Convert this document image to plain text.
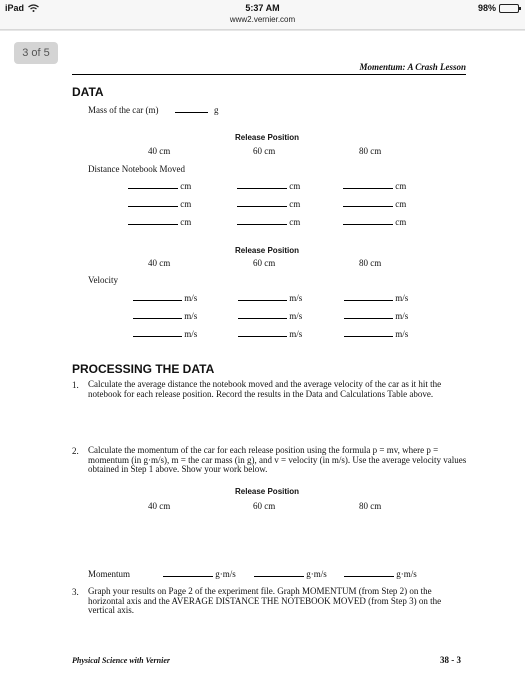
iPad	5:37 AM
www2.vernier.com
98%
3 of 5
Momentum: A Crash Lesson
DATA
Mass of the car (m)	g
Release Position
40 cm	60 cm	80 cm
Distance Notebook Moved
cm	cm	cm
cm	cm	cm
cm	cm	cm
Release Position
40 cm	60 cm	80 cm
Velocity
m/s	m/s	m/s
m/s	m/s	m/s
m/s	m/s	m/s
PROCESSING THE DATA
1. Calculate the average distance the notebook moved and the average velocity of the car as it hit the notebook for each release position. Record the results in the Data and Calculations Table above.
2. Calculate the momentum of the car for each release position using the formula p = mv, where p = momentum (in g·m/s), m = the car mass (in g), and v = velocity (in m/s). Use the average velocity values obtained in Step 1 above. Show your work below.
Release Position
40 cm	60 cm	80 cm
Momentum	g·m/s	g·m/s	g·m/s
3. Graph your results on Page 2 of the experiment file. Graph MOMENTUM (from Step 2) on the horizontal axis and the AVERAGE DISTANCE THE NOTEBOOK MOVED (from Step 3) on the vertical axis.
Physical Science with Vernier	38 - 3
